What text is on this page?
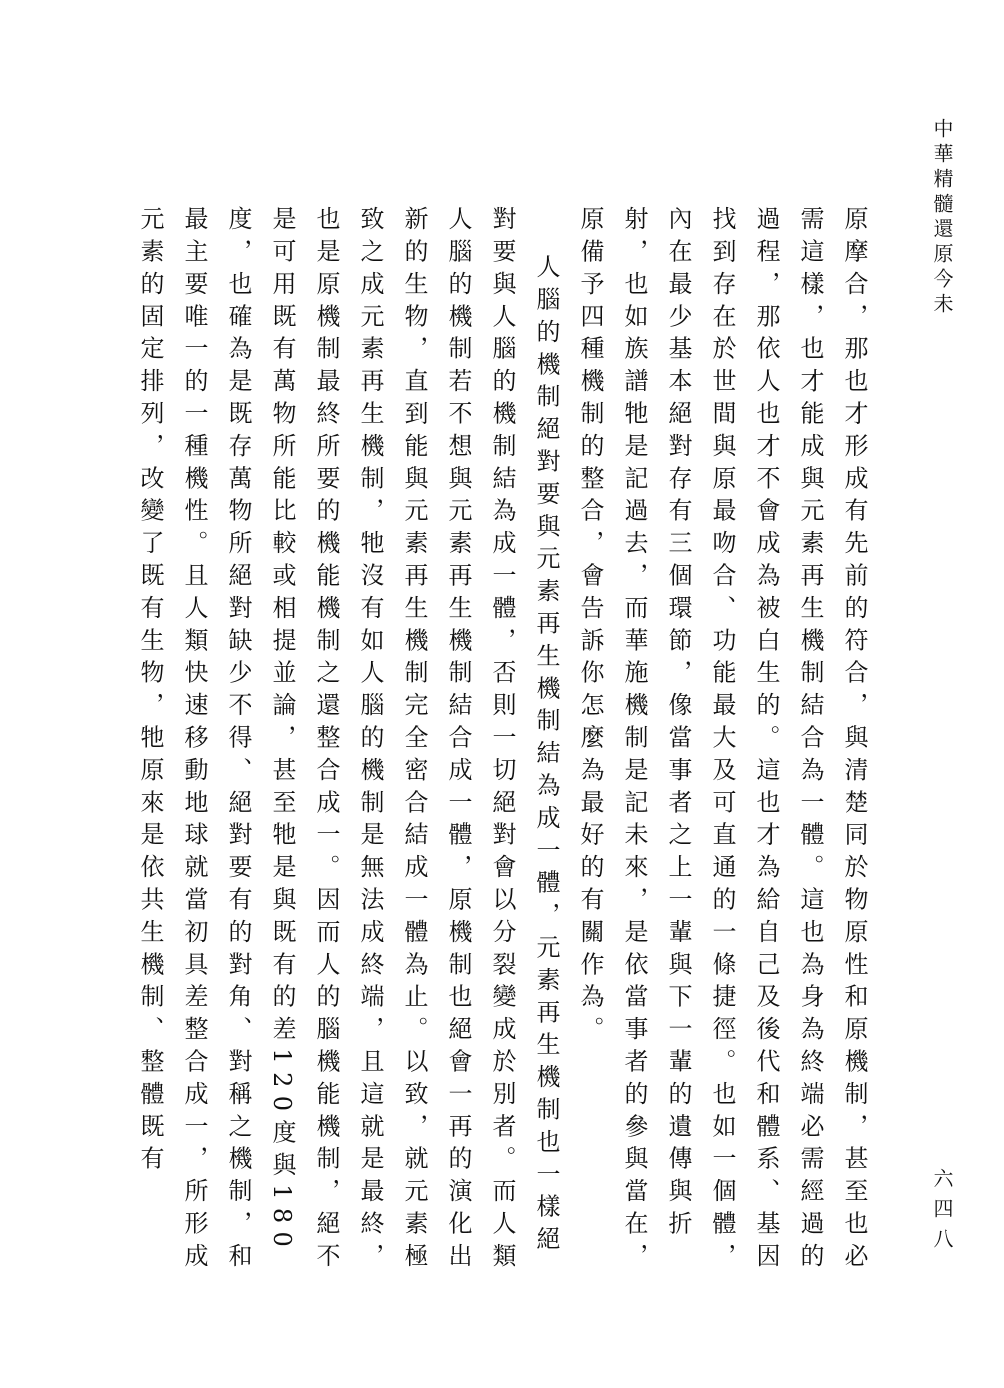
中華精髓還原今未

原摩合，那也才形成有先前的符合，與清楚同於物原性和原機制，甚至也必需這樣，也才能成與元素再生機制結合為一體。這也為身為終端必需經過的過程，那依人也才不會成為被白生的。這也才為給自己及後代和體系、基因找到存在於世間與原最吻合、功能最大及可直通的一條捷徑。也如一個體，內在最少基本絕對存有三個環節，像當事者之上一輩與下一輩的遺傳與折射，也如族譜牠是記過去，而華施機制是記未來，是依當事者的參與當在，原備予四種機制的整合，會告訴你怎麼為最好的有關作為。

人腦的機制絕對要與元素再生機制結為成一體，元素再生機制也一樣絕對要與人腦的機制結為成一體，否則一切絕對會以分裂變成於別者。而人類人腦的機制若不想與元素再生機制結合成一體，原機制也絕會一再的演化出新的生物，直到能與元素再生機制完全密合結成一體為止。以致，就元素極致之成元素再生機制，牠沒有如人腦的機制是無法成終端，且這就是最終，也是原機制最終所要的機能機制之還整合成一。因而人的腦機能機制，絕不是可用既有萬物所能比較或相提並論，甚至牠是與既有的差120度與180度，也確為是既存萬物所絕對缺少不得、絕對要有的對角、對稱之機制，和最主要唯一的一種機性。且人類快速移動地球就當初具差整合成一，所形成元素的固定排列，改變了既有生物，牠原來是依共生機制、整體既有

六四八
